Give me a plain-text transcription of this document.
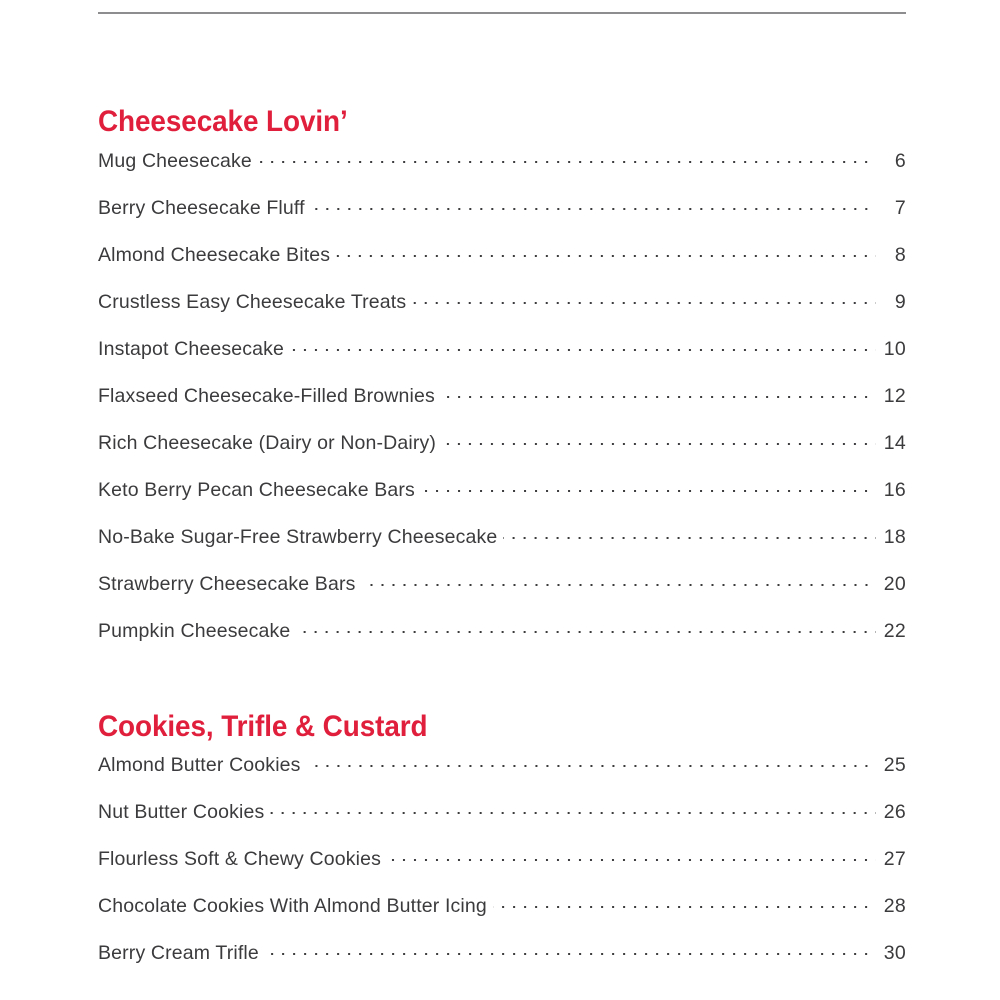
Cheesecake Lovin’
Mug Cheesecake	6
Berry Cheesecake Fluff	7
Almond Cheesecake Bites	8
Crustless Easy Cheesecake Treats	9
Instapot Cheesecake	10
Flaxseed Cheesecake-Filled Brownies	12
Rich Cheesecake (Dairy or Non-Dairy)	14
Keto Berry Pecan Cheesecake Bars	16
No-Bake Sugar-Free Strawberry Cheesecake	18
Strawberry Cheesecake Bars	20
Pumpkin Cheesecake	22
Cookies, Trifle & Custard
Almond Butter Cookies	25
Nut Butter Cookies	26
Flourless Soft & Chewy Cookies	27
Chocolate Cookies With Almond Butter Icing	28
Berry Cream Trifle	30
